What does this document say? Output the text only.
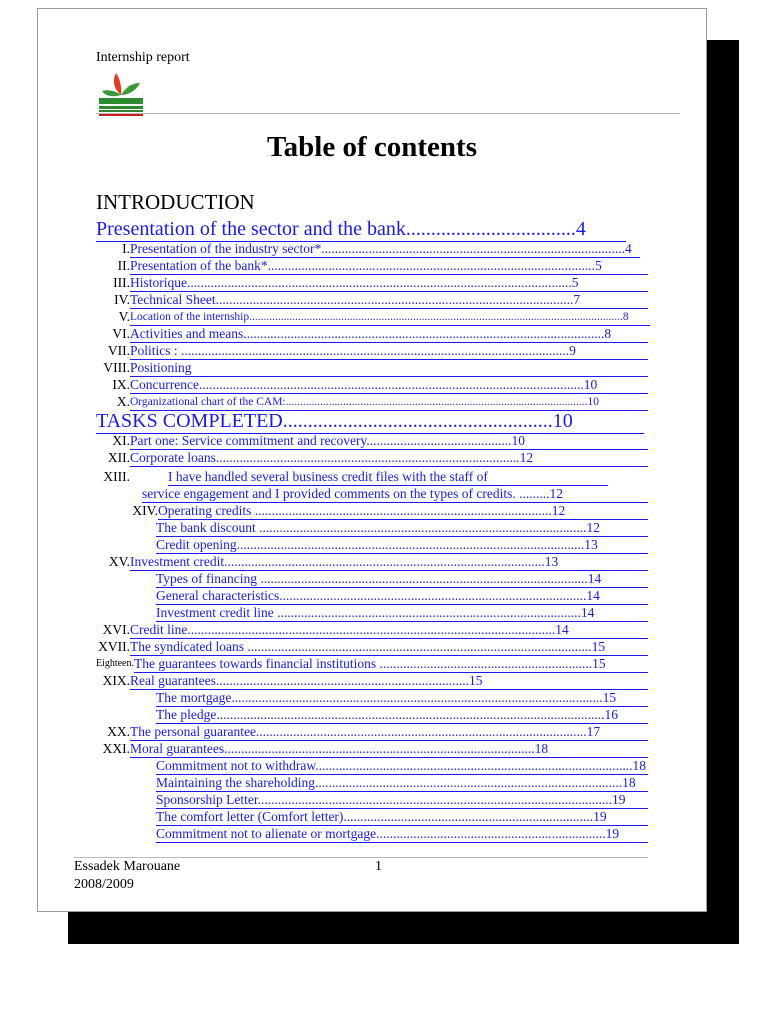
Internship report
Table of contents
INTRODUCTION
Presentation of the sector and the bank..................................4
I. Presentation of the industry sector*..........................................................................................4
II. Presentation of the bank*.................................................................................................5
III. Historique..................................................................................................................5
IV. Technical Sheet..........................................................................................................7
V. Location of the internship..................................................................................................................................8
VI. Activities and means...........................................................................................................8
VII. Politics : ...................................................................................................................9
VIII. Positioning
IX. Concurrence..................................................................................................................10
X. Organizational chart of the CAM:.........................................................................................................10
TASKS COMPLETED......................................................10
XI. Part one: Service commitment and recovery...........................................10
XII. Corporate loans..........................................................................................12
XIII.	I have handled several business credit files with the staff of
service engagement and I provided comments on the types of credits. .........12
XIV. Operating credits ........................................................................................12
The bank discount .................................................................................................12
Credit opening.......................................................................................................13
XV. Investment credit...............................................................................................13
Types of financing .................................................................................................14
General characteristics...........................................................................................14
Investment credit line ..........................................................................................14
XVI. Credit line.............................................................................................................14
XVII. The syndicated loans ......................................................................................................15
Eighteen. The guarantees towards financial institutions ...............................................................15
XIX. Real guarantees...........................................................................15
The mortgage..............................................................................................................15
The pledge...................................................................................................................16
XX. The personal guarantee..................................................................................................17
XXI. Moral guarantees............................................................................................18
Commitment not to withdraw..............................................................................................18
Maintaining the shareholding...........................................................................................18
Sponsorship Letter.........................................................................................................19
The comfort letter (Comfort letter)..........................................................................19
Commitment not to alienate or mortgage....................................................................19
Essadek Marouane	1
2008/2009
